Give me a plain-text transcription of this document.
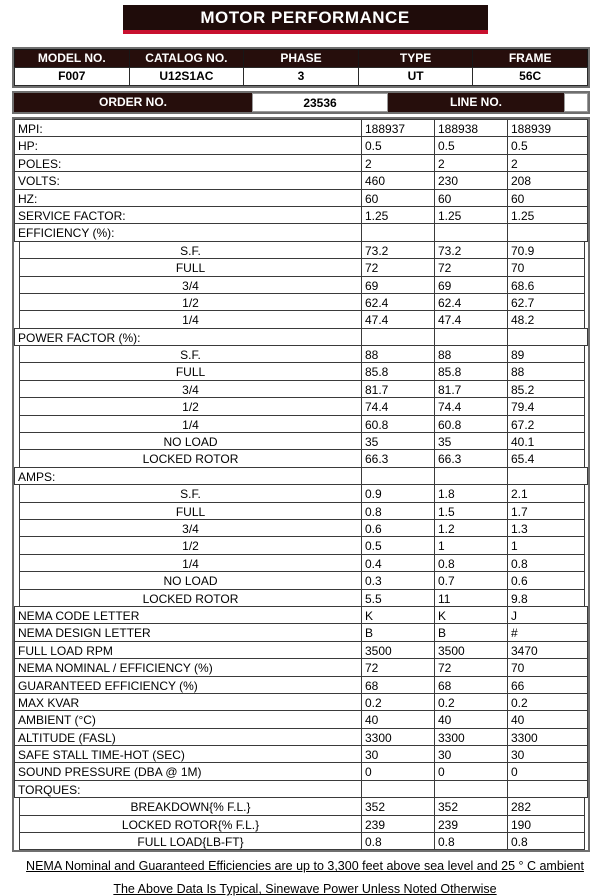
MOTOR PERFORMANCE
MODEL NO.	CATALOG NO.	PHASE	TYPE	FRAME
F007	U12S1AC	3	UT	56C
ORDER NO.	23536	LINE NO.
MPI:	188937	188938	188939
HP:	0.5	0.5	0.5
POLES:	2	2	2
VOLTS:	460	230	208
HZ:	60	60	60
SERVICE FACTOR:	1.25	1.25	1.25
EFFICIENCY (%):
S.F.	73.2	73.2	70.9
FULL	72	72	70
3/4	69	69	68.6
1/2	62.4	62.4	62.7
1/4	47.4	47.4	48.2
POWER FACTOR (%):
S.F.	88	88	89
FULL	85.8	85.8	88
3/4	81.7	81.7	85.2
1/2	74.4	74.4	79.4
1/4	60.8	60.8	67.2
NO LOAD	35	35	40.1
LOCKED ROTOR	66.3	66.3	65.4
AMPS:
S.F.	0.9	1.8	2.1
FULL	0.8	1.5	1.7
3/4	0.6	1.2	1.3
1/2	0.5	1	1
1/4	0.4	0.8	0.8
NO LOAD	0.3	0.7	0.6
LOCKED ROTOR	5.5	11	9.8
NEMA CODE LETTER	K	K	J
NEMA DESIGN LETTER	B	B	#
FULL LOAD RPM	3500	3500	3470
NEMA NOMINAL / EFFICIENCY (%)	72	72	70
GUARANTEED EFFICIENCY (%)	68	68	66
MAX KVAR	0.2	0.2	0.2
AMBIENT (°C)	40	40	40
ALTITUDE (FASL)	3300	3300	3300
SAFE STALL TIME-HOT (SEC)	30	30	30
SOUND PRESSURE (DBA @ 1M)	0	0	0
TORQUES:
BREAKDOWN{% F.L.}	352	352	282
LOCKED ROTOR{% F.L.}	239	239	190
FULL LOAD{LB-FT}	0.8	0.8	0.8
NEMA Nominal and Guaranteed Efficiencies are up to 3,300 feet above sea level and 25 ° C ambient
The Above Data Is Typical, Sinewave Power Unless Noted Otherwise
